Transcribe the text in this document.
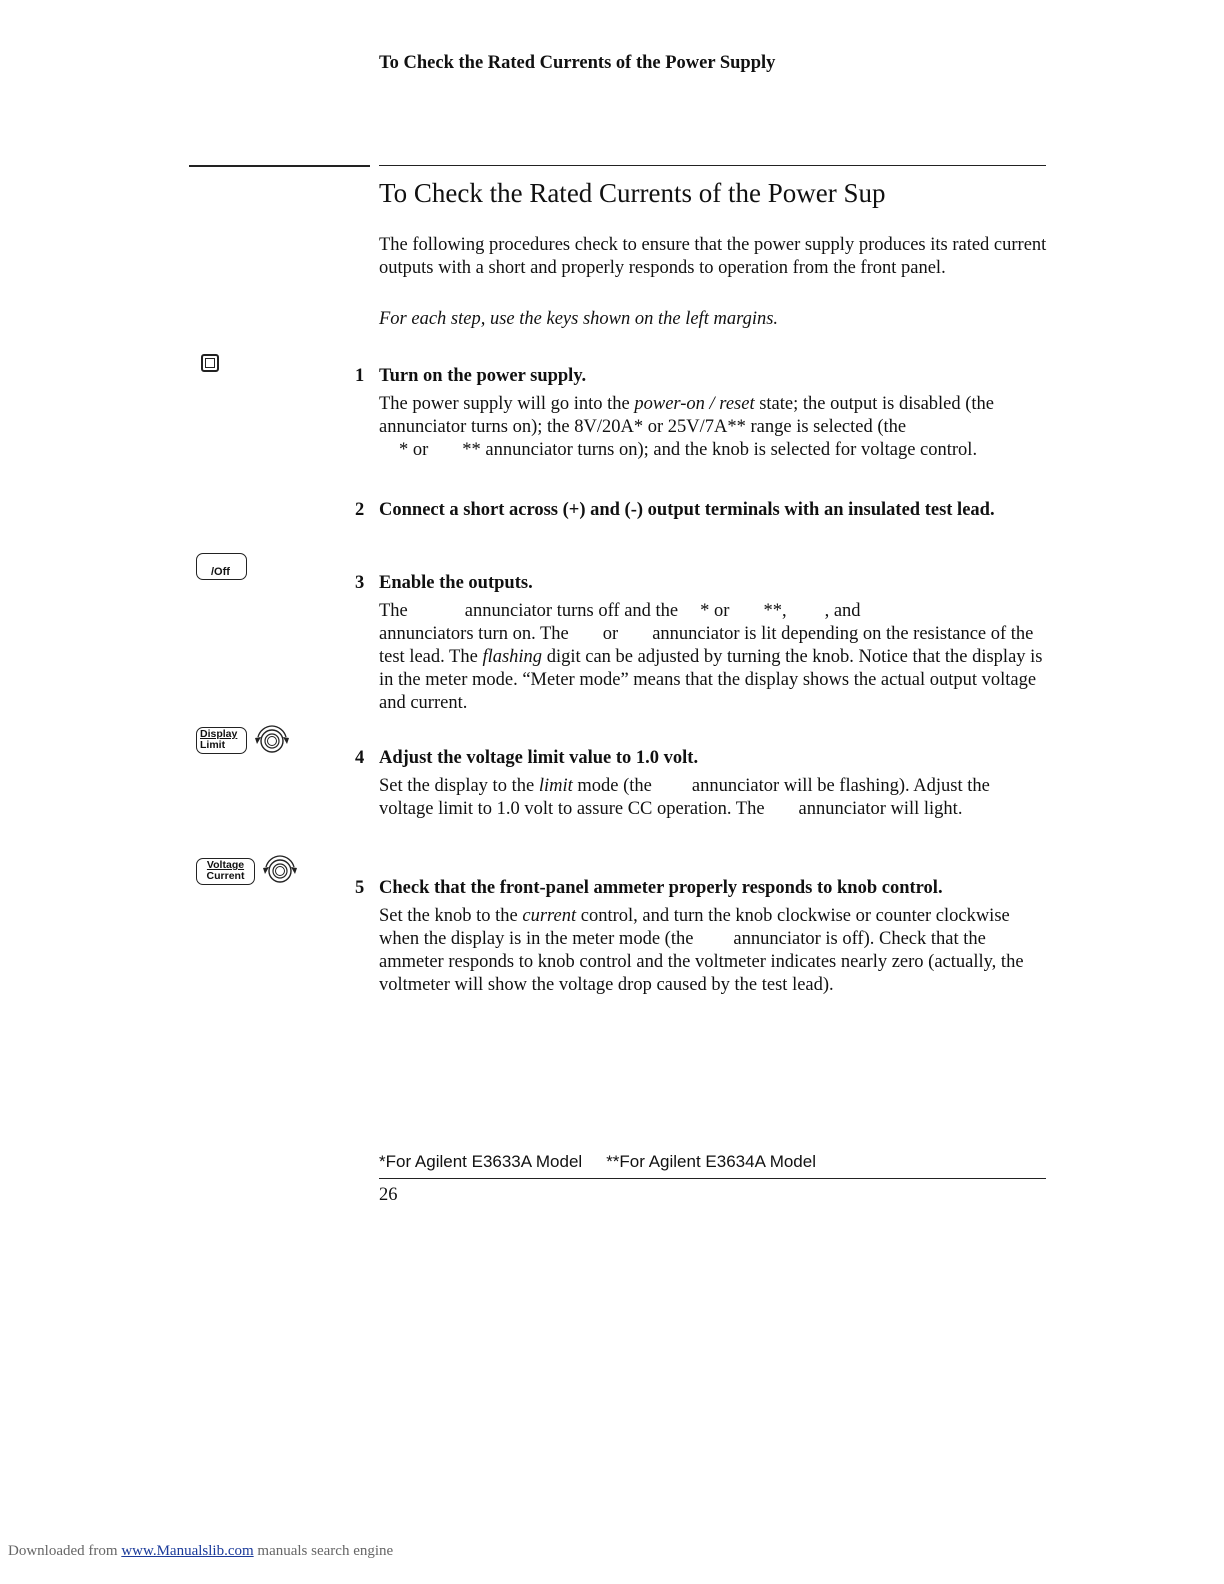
To Check the Rated Currents of the Power Supply
To Check the Rated Currents of the Power Sup

The following procedures check to ensure that the power supply produces its rated current outputs with a short and properly responds to operation from the front panel.

For each step, use the keys shown on the left margins.

/Off
Display
Limit
Voltage
Current
1 Turn on the power supply.
The power supply will go into the power-on / reset state; the output is disabled (theannunciator turns on); the 8V/20A* or 25V/7A** range is selected (the
* or ** annunciator turns on); and the knob is selected for voltage control.
2 Connect a short across (+) and (-) output terminals with an insulated test lead.
3 Enable the outputs.
The	annunciator turns off and the * or **, , and
annunciators turn on. The or annunciator is lit depending on the resistance of the test lead. The flashing digit can be adjusted by turning the knob. Notice that the display is in the meter mode. “Meter mode” means that the display shows the actual output voltage and current.
4 Adjust the voltage limit value to 1.0 volt.
Set the display to the limit mode (the annunciator will be flashing). Adjust the voltage limit to 1.0 volt to assure CC operation. The annunciator will light.
5 Check that the front-panel ammeter properly responds to knob control.
Set the knob to the current control, and turn the knob clockwise or counter clockwise when the display is in the meter mode (the annunciator is off). Check that the ammeter responds to knob control and the voltmeter indicates nearly zero (actually, the voltmeter will show the voltage drop caused by the test lead).
*For Agilent E3633A Model **For Agilent E3634A Model
26
Downloaded from www.Manualslib.com manuals search engine
